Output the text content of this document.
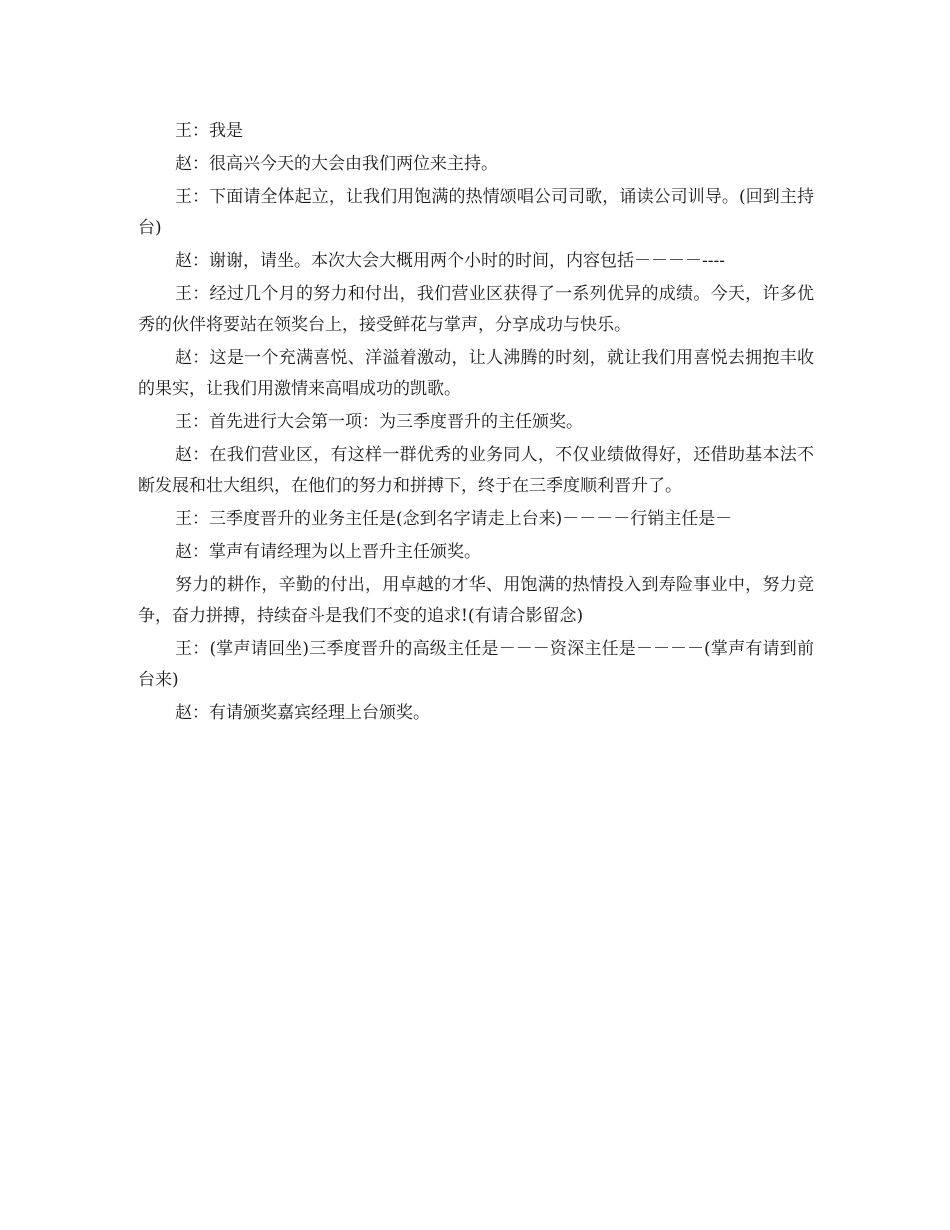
王：我是

赵：很高兴今天的大会由我们两位来主持。

王：下面请全体起立，让我们用饱满的热情颂唱公司司歌，诵读公司训导。(回到主持台)

赵：谢谢，请坐。本次大会大概用两个小时的时间，内容包括－－－－----

王：经过几个月的努力和付出，我们营业区获得了一系列优异的成绩。今天，许多优秀的伙伴将要站在领奖台上，接受鲜花与掌声，分享成功与快乐。

赵：这是一个充满喜悦、洋溢着激动，让人沸腾的时刻，就让我们用喜悦去拥抱丰收的果实，让我们用激情来高唱成功的凯歌。

王：首先进行大会第一项：为三季度晋升的主任颁奖。

赵：在我们营业区，有这样一群优秀的业务同人，不仅业绩做得好，还借助基本法不断发展和壮大组织，在他们的努力和拼搏下，终于在三季度顺利晋升了。

王：三季度晋升的业务主任是(念到名字请走上台来)－－－－行销主任是－

赵：掌声有请经理为以上晋升主任颁奖。

努力的耕作，辛勤的付出，用卓越的才华、用饱满的热情投入到寿险事业中，努力竞争，奋力拼搏，持续奋斗是我们不变的追求!(有请合影留念)

王：(掌声请回坐)三季度晋升的高级主任是－－－资深主任是－－－－(掌声有请到前台来)

赵：有请颁奖嘉宾经理上台颁奖。
